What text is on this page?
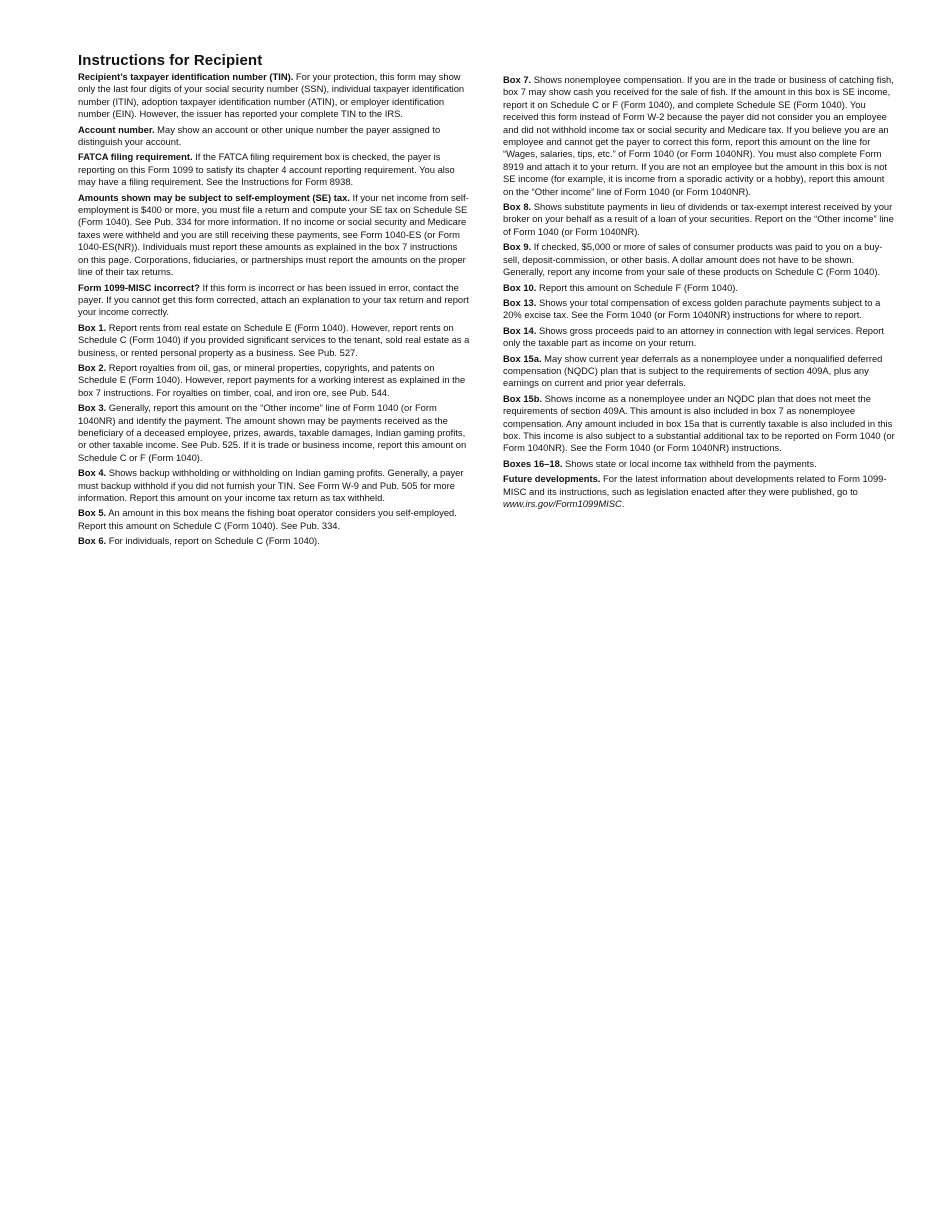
Instructions for Recipient

Recipient’s taxpayer identification number (TIN). For your protection, this form may show only the last four digits of your social security number (SSN), individual taxpayer identification number (ITIN), adoption taxpayer identification number (ATIN), or employer identification number (EIN). However, the issuer has reported your complete TIN to the IRS.

Account number. May show an account or other unique number the payer assigned to distinguish your account.

FATCA filing requirement. If the FATCA filing requirement box is checked, the payer is reporting on this Form 1099 to satisfy its chapter 4 account reporting requirement. You also may have a filing requirement. See the Instructions for Form 8938.

Amounts shown may be subject to self-employment (SE) tax. If your net income from self-employment is $400 or more, you must file a return and compute your SE tax on Schedule SE (Form 1040). See Pub. 334 for more information. If no income or social security and Medicare taxes were withheld and you are still receiving these payments, see Form 1040-ES (or Form 1040-ES(NR)). Individuals must report these amounts as explained in the box 7 instructions on this page. Corporations, fiduciaries, or partnerships must report the amounts on the proper line of their tax returns.

Form 1099-MISC incorrect? If this form is incorrect or has been issued in error, contact the payer. If you cannot get this form corrected, attach an explanation to your tax return and report your income correctly.

Box 1. Report rents from real estate on Schedule E (Form 1040). However, report rents on Schedule C (Form 1040) if you provided significant services to the tenant, sold real estate as a business, or rented personal property as a business. See Pub. 527.

Box 2. Report royalties from oil, gas, or mineral properties, copyrights, and patents on Schedule E (Form 1040). However, report payments for a working interest as explained in the box 7 instructions. For royalties on timber, coal, and iron ore, see Pub. 544.

Box 3. Generally, report this amount on the “Other income” line of Form 1040 (or Form 1040NR) and identify the payment. The amount shown may be payments received as the beneficiary of a deceased employee, prizes, awards, taxable damages, Indian gaming profits, or other taxable income. See Pub. 525. If it is trade or business income, report this amount on Schedule C or F (Form 1040).

Box 4. Shows backup withholding or withholding on Indian gaming profits. Generally, a payer must backup withhold if you did not furnish your TIN. See Form W-9 and Pub. 505 for more information. Report this amount on your income tax return as tax withheld.

Box 5. An amount in this box means the fishing boat operator considers you self-employed. Report this amount on Schedule C (Form 1040). See Pub. 334.

Box 6. For individuals, report on Schedule C (Form 1040).

Box 7. Shows nonemployee compensation. If you are in the trade or business of catching fish, box 7 may show cash you received for the sale of fish. If the amount in this box is SE income, report it on Schedule C or F (Form 1040), and complete Schedule SE (Form 1040). You received this form instead of Form W-2 because the payer did not consider you an employee and did not withhold income tax or social security and Medicare tax. If you believe you are an employee and cannot get the payer to correct this form, report this amount on the line for “Wages, salaries, tips, etc.” of Form 1040 (or Form 1040NR). You must also complete Form 8919 and attach it to your return. If you are not an employee but the amount in this box is not SE income (for example, it is income from a sporadic activity or a hobby), report this amount on the “Other income” line of Form 1040 (or Form 1040NR).

Box 8. Shows substitute payments in lieu of dividends or tax-exempt interest received by your broker on your behalf as a result of a loan of your securities. Report on the “Other income” line of Form 1040 (or Form 1040NR).

Box 9. If checked, $5,000 or more of sales of consumer products was paid to you on a buy-sell, deposit-commission, or other basis. A dollar amount does not have to be shown. Generally, report any income from your sale of these products on Schedule C (Form 1040).

Box 10. Report this amount on Schedule F (Form 1040).

Box 13. Shows your total compensation of excess golden parachute payments subject to a 20% excise tax. See the Form 1040 (or Form 1040NR) instructions for where to report.

Box 14. Shows gross proceeds paid to an attorney in connection with legal services. Report only the taxable part as income on your return.

Box 15a. May show current year deferrals as a nonemployee under a nonqualified deferred compensation (NQDC) plan that is subject to the requirements of section 409A, plus any earnings on current and prior year deferrals.

Box 15b. Shows income as a nonemployee under an NQDC plan that does not meet the requirements of section 409A. This amount is also included in box 7 as nonemployee compensation. Any amount included in box 15a that is currently taxable is also included in this box. This income is also subject to a substantial additional tax to be reported on Form 1040 (or Form 1040NR). See the Form 1040 (or Form 1040NR) instructions.

Boxes 16–18. Shows state or local income tax withheld from the payments.

Future developments. For the latest information about developments related to Form 1099-MISC and its instructions, such as legislation enacted after they were published, go to www.irs.gov/Form1099MISC.
